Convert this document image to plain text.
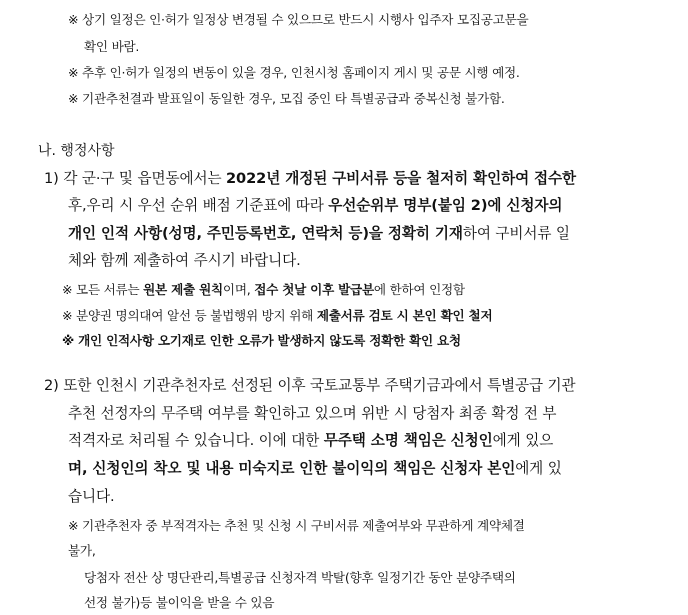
※ 상기 일정은 인·허가 일정상 변경될 수 있으므로 반드시 시행사 입주자 모집공고문을
확인 바람.
※ 추후 인·허가 일정의 변동이 있을 경우, 인천시청 홈페이지 게시 및 공문 시행 예정.
※ 기관추천결과 발표일이 동일한 경우, 모집 중인 타 특별공급과 중복신청 불가함.
나. 행정사항
1) 각 군·구 및 읍면동에서는 2022년 개정된 구비서류 등을 철저히 확인하여 접수한
후,우리 시 우선 순위 배점 기준표에 따라 우선순위부 명부(붙임 2)에 신청자의
개인 인적 사항(성명, 주민등록번호, 연락처 등)을 정확히 기재하여 구비서류 일
체와 함께 제출하여 주시기 바랍니다.
※ 모든 서류는 원본 제출 원칙이며, 접수 첫날 이후 발급분에 한하여 인정함
※ 분양권 명의대여 알선 등 불법행위 방지 위해 제출서류 검토 시 본인 확인 철저
※ 개인 인적사항 오기재로 인한 오류가 발생하지 않도록 정확한 확인 요청
2) 또한 인천시 기관추천자로 선정된 이후 국토교통부 주택기금과에서 특별공급 기관
추천 선정자의 무주택 여부를 확인하고 있으며 위반 시 당첨자 최종 확정 전 부
적격자로 처리될 수 있습니다. 이에 대한 무주택 소명 책임은 신청인에게 있으
며, 신청인의 착오 및 내용 미숙지로 인한 불이익의 책임은 신청자 본인에게 있
습니다.
※ 기관추천자 중 부적격자는 추천 및 신청 시 구비서류 제출여부와 무관하게 계약체결
불가,
당첨자 전산 상 명단관리,특별공급 신청자격 박탈(향후 일정기간 동안 분양주택의
선정 불가)등 불이익을 받을 수 있음
